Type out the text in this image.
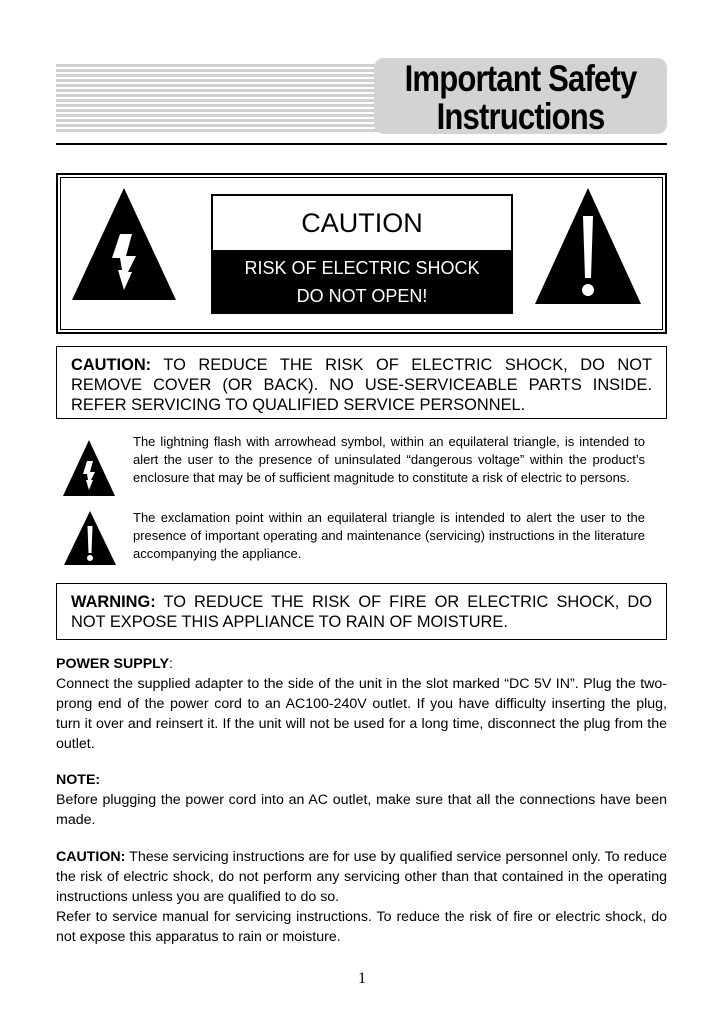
Important Safety
Instructions
CAUTION
RISK OF ELECTRIC SHOCK
DO NOT OPEN!
CAUTION: TO REDUCE THE RISK OF ELECTRIC SHOCK, DO NOT REMOVE COVER (OR BACK). NO USE-SERVICEABLE PARTS INSIDE. REFER SERVICING TO QUALIFIED SERVICE PERSONNEL.
The lightning flash with arrowhead symbol, within an equilateral triangle, is intended to alert the user to the presence of uninsulated “dangerous voltage” within the product’s enclosure that may be of sufficient magnitude to constitute a risk of electric to persons.
The exclamation point within an equilateral triangle is intended to alert the user to the presence of important operating and maintenance (servicing) instructions in the literature accompanying the appliance.
WARNING: TO REDUCE THE RISK OF FIRE OR ELECTRIC SHOCK, DO NOT EXPOSE THIS APPLIANCE TO RAIN OF MOISTURE.
POWER SUPPLY:
Connect the supplied adapter to the side of the unit in the slot marked “DC 5V IN”. Plug the two-prong end of the power cord to an AC100-240V outlet. If you have difficulty inserting the plug, turn it over and reinsert it. If the unit will not be used for a long time, disconnect the plug from the outlet.
NOTE:
Before plugging the power cord into an AC outlet, make sure that all the connections have been made.
CAUTION: These servicing instructions are for use by qualified service personnel only. To reduce the risk of electric shock, do not perform any servicing other than that contained in the operating instructions unless you are qualified to do so.
Refer to service manual for servicing instructions. To reduce the risk of fire or electric shock, do not expose this apparatus to rain or moisture.
1
